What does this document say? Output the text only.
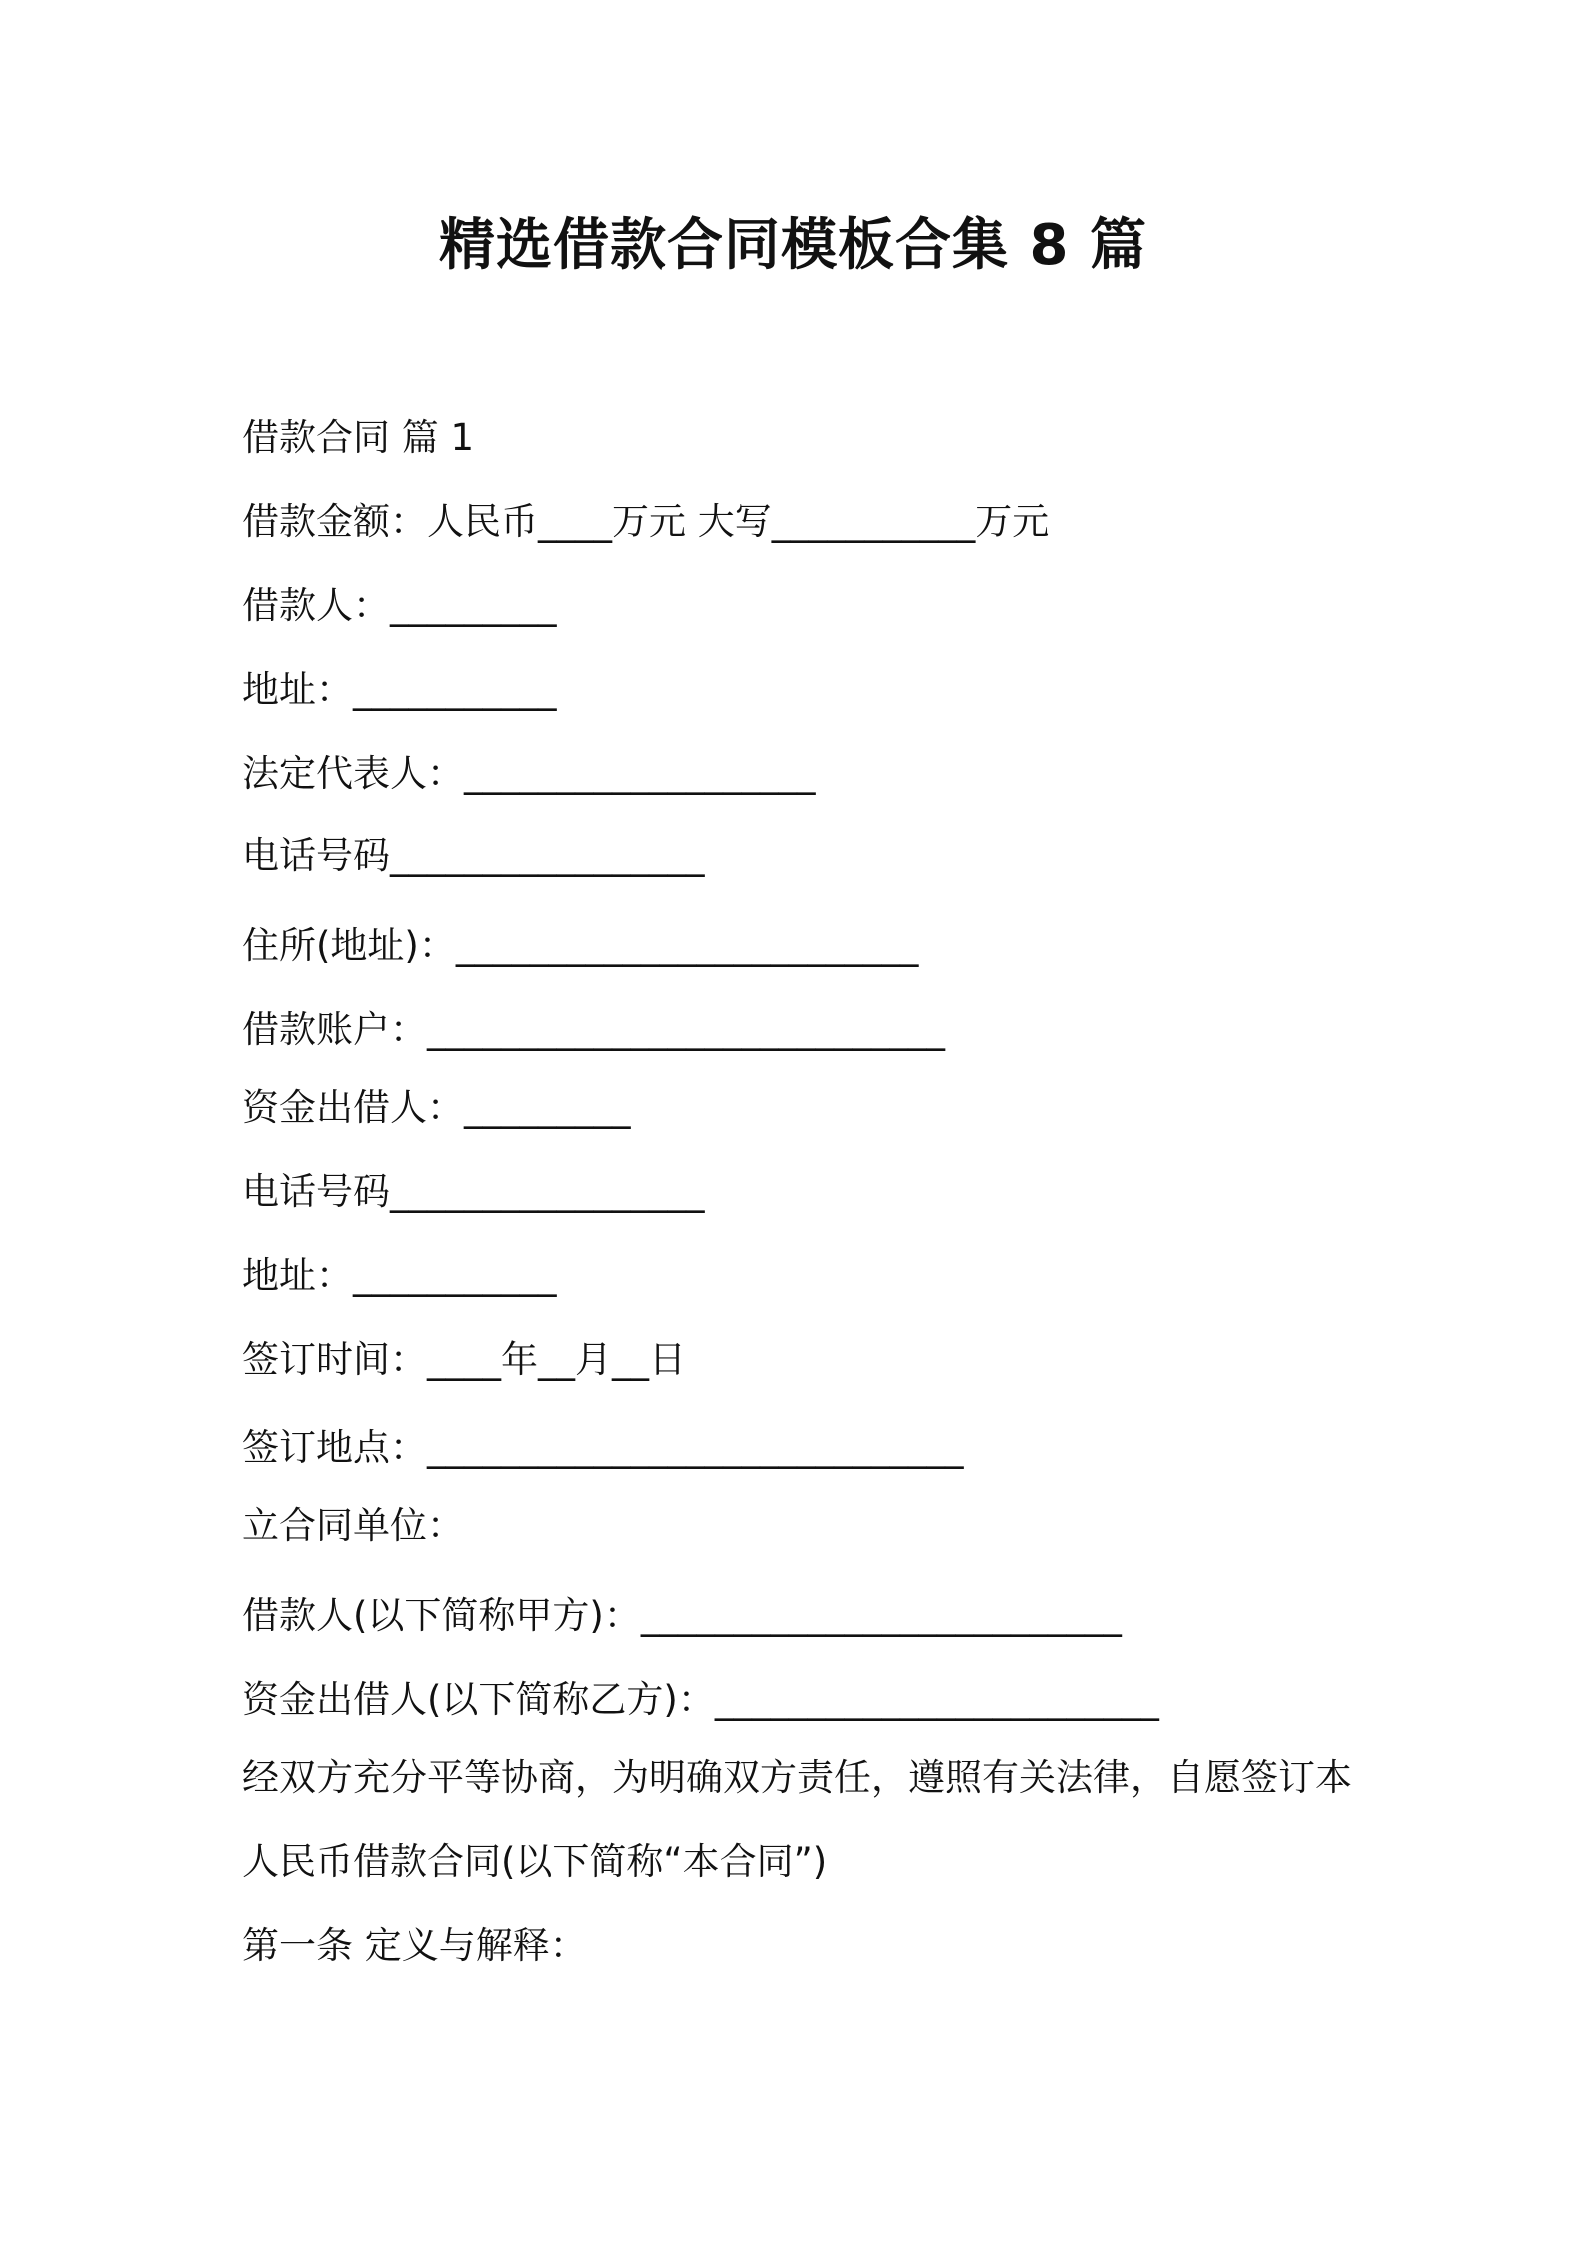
精选借款合同模板合集 8 篇
借款合同 篇 1
借款金额：人民币____万元 大写___________万元
借款人：_________
地址：___________
法定代表人：___________________
电话号码_________________
住所(地址)：_________________________
借款账户：____________________________
资金出借人：_________
电话号码_________________
地址：___________
签订时间：____年__月__日
签订地点：_____________________________
立合同单位：
借款人(以下简称甲方)：__________________________
资金出借人(以下简称乙方)：________________________
经双方充分平等协商，为明确双方责任，遵照有关法律，自愿签订本
人民币借款合同(以下简称“本合同”)
第一条 定义与解释：
